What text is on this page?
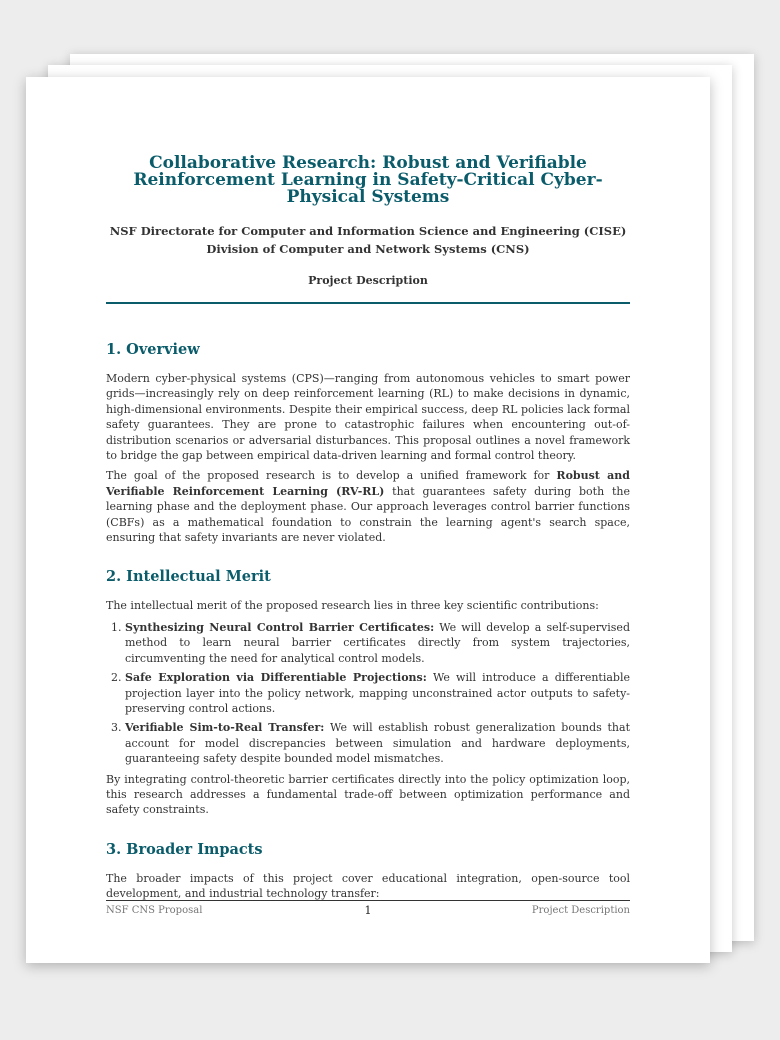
Collaborative Research: Robust and Verifiable Reinforcement Learning in Safety-Critical Cyber-Physical Systems
NSF Directorate for Computer and Information Science and Engineering (CISE)
Division of Computer and Network Systems (CNS)
Project Description
1. Overview

Modern cyber-physical systems (CPS)—ranging from autonomous vehicles to smart power grids—increasingly rely on deep reinforcement learning (RL) to make decisions in dynamic, high-dimensional environments. Despite their empirical success, deep RL policies lack formal safety guarantees. They are prone to catastrophic failures when encountering out-of-distribution scenarios or adversarial disturbances. This proposal outlines a novel framework to bridge the gap between empirical data-driven learning and formal control theory.

The goal of the proposed research is to develop a unified framework for Robust and Verifiable Reinforcement Learning (RV-RL) that guarantees safety during both the learning phase and the deployment phase. Our approach leverages control barrier functions (CBFs) as a mathematical foundation to constrain the learning agent's search space, ensuring that safety invariants are never violated.

2. Intellectual Merit

The intellectual merit of the proposed research lies in three key scientific contributions:

1. Synthesizing Neural Control Barrier Certificates: We will develop a self-supervised method to learn neural barrier certificates directly from system trajectories, circumventing the need for analytical control models.
2. Safe Exploration via Differentiable Projections: We will introduce a differentiable projection layer into the policy network, mapping unconstrained actor outputs to safety-preserving control actions.
3. Verifiable Sim-to-Real Transfer: We will establish robust generalization bounds that account for model discrepancies between simulation and hardware deployments, guaranteeing safety despite bounded model mismatches.

By integrating control-theoretic barrier certificates directly into the policy optimization loop, this research addresses a fundamental trade-off between optimization performance and safety constraints.

3. Broader Impacts

The broader impacts of this project cover educational integration, open-source tool development, and industrial technology transfer:

NSF CNS Proposal	1	Project Description
